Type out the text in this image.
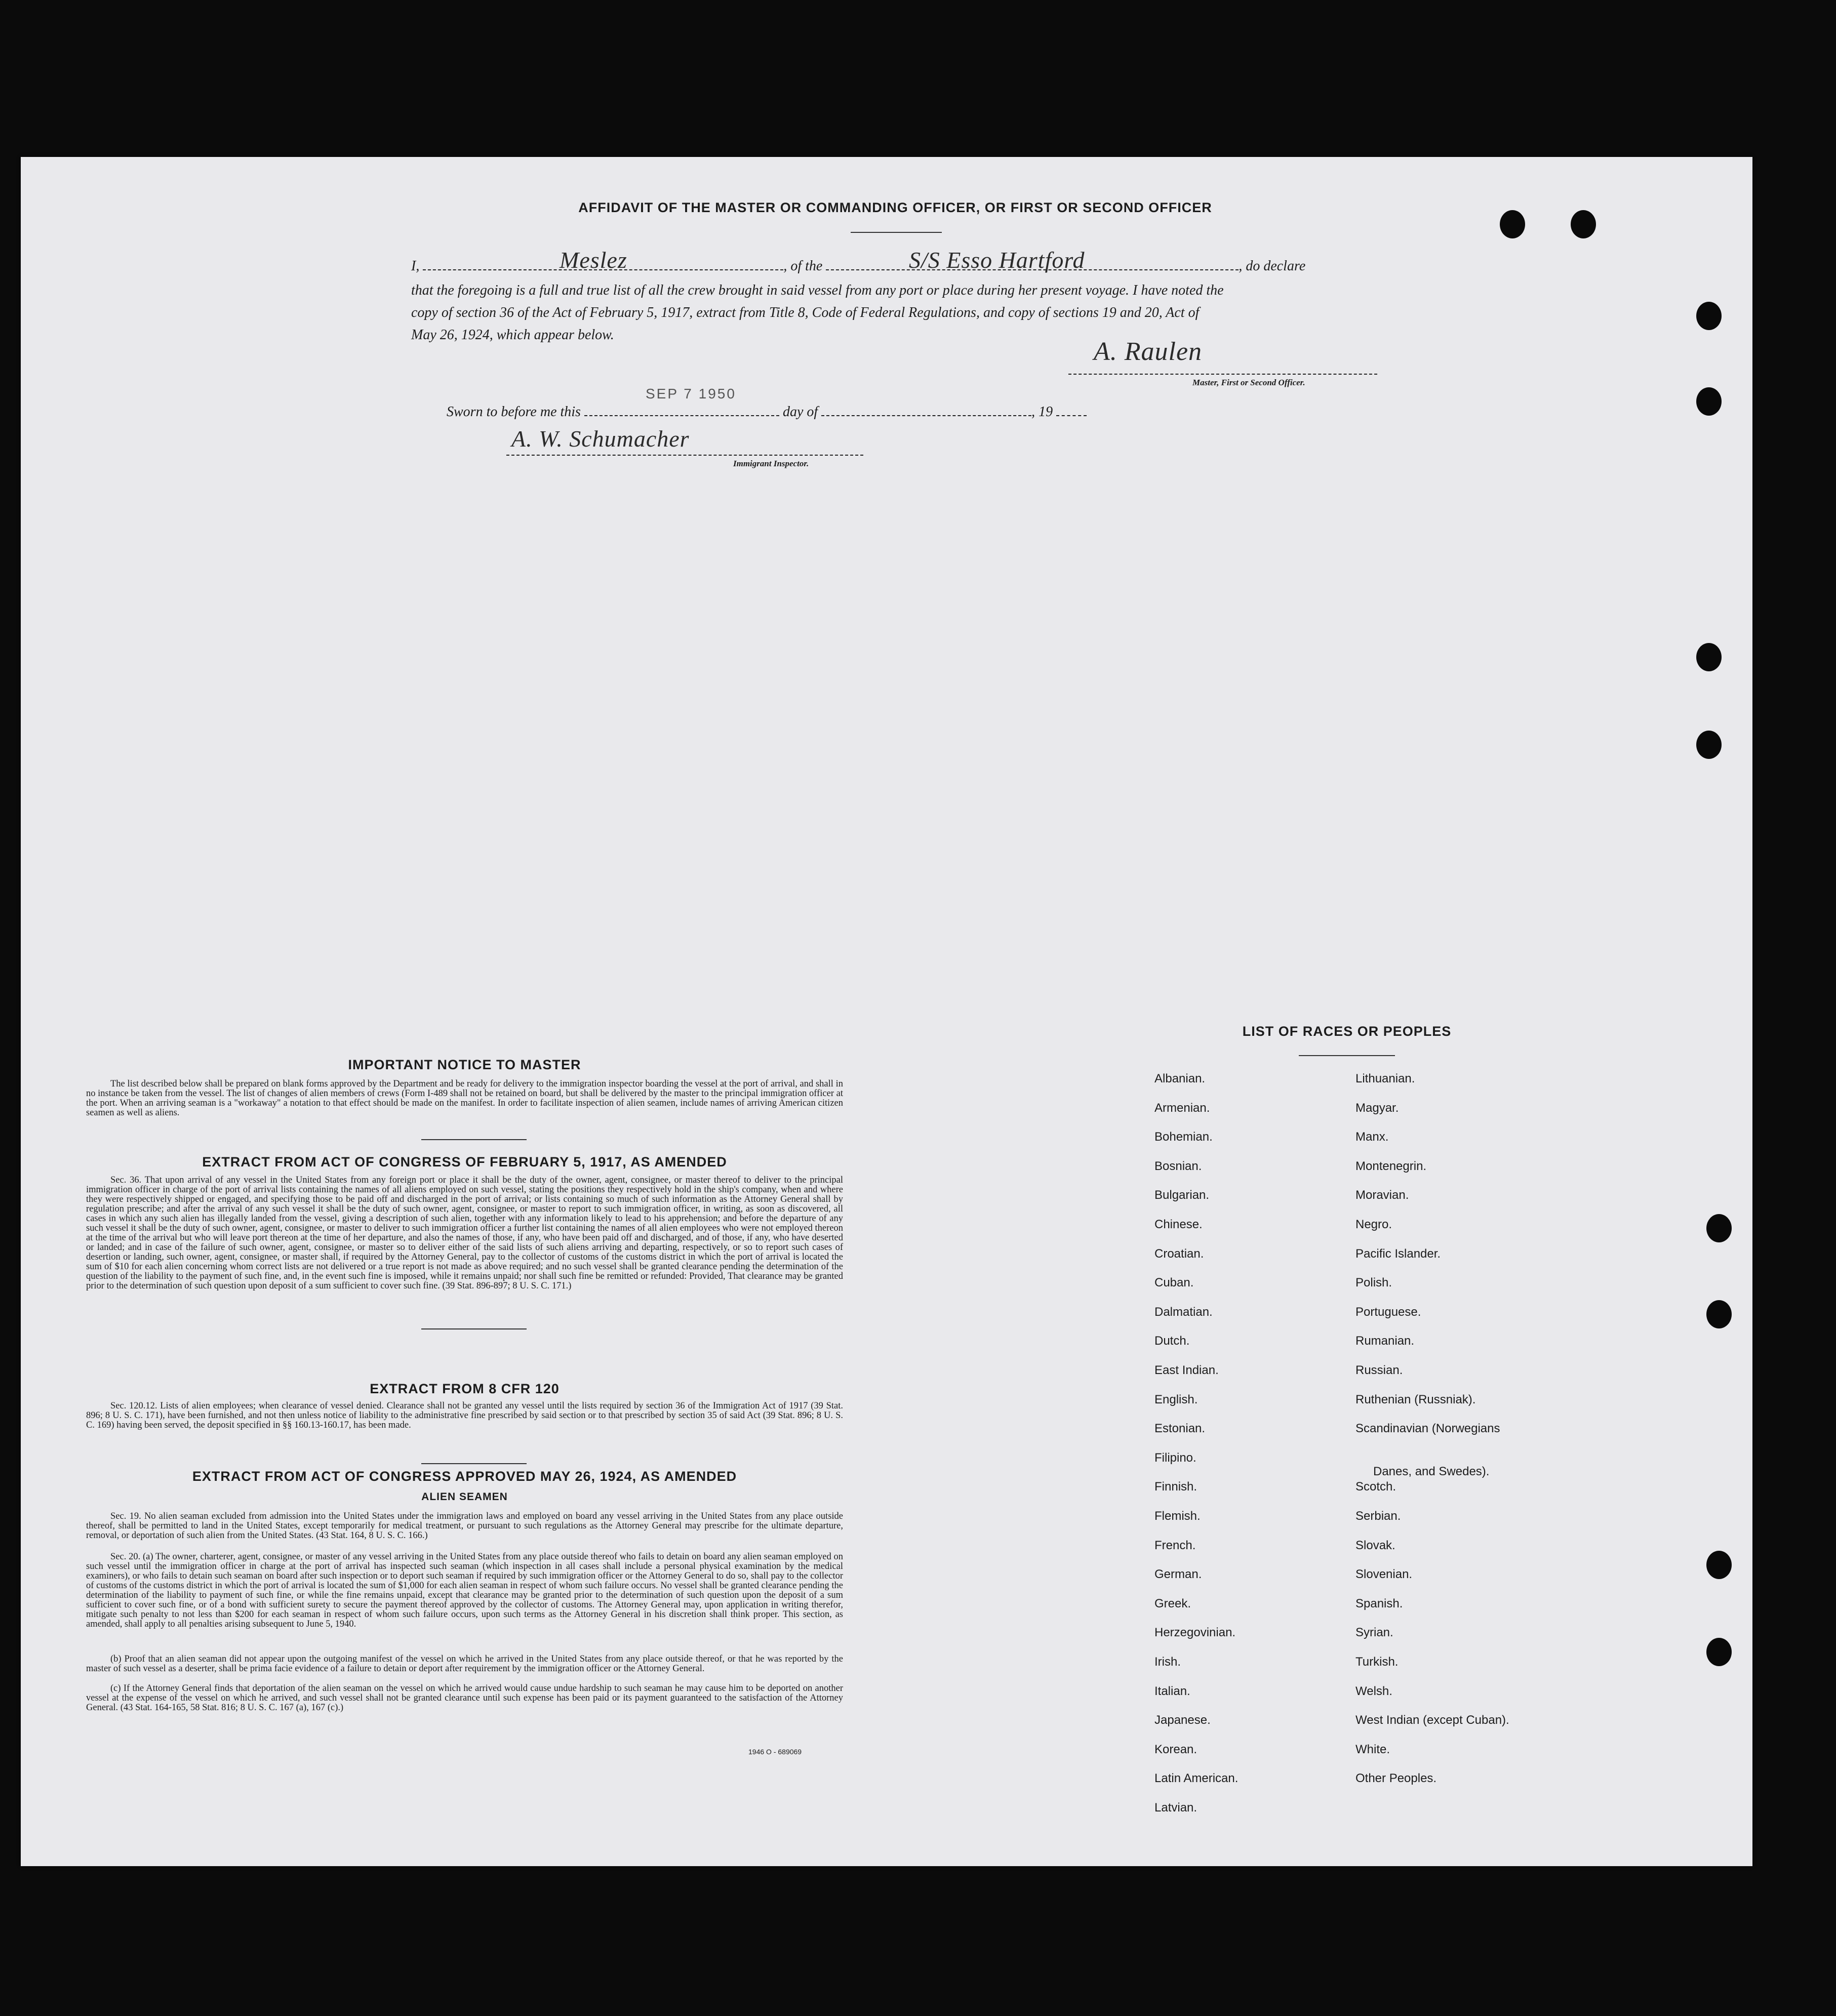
AFFIDAVIT OF THE MASTER OR COMMANDING OFFICER, OR FIRST OR SECOND OFFICER
I,	, of the	, do declare
Meslez	S/S Esso Hartford
that the foregoing is a full and true list of all the crew brought in said vessel from any port or place during her present voyage. I have noted the
copy of section 36 of the Act of February 5, 1917, extract from Title 8, Code of Federal Regulations, and copy of sections 19 and 20, Act of
May 26, 1924, which appear below.
A. Raulen
Master, First or Second Officer.
Sworn to before me this	day of	, 19
SEP 7 1950
A. W. Schumacher
Immigrant Inspector.
IMPORTANT NOTICE TO MASTER
The list described below shall be prepared on blank forms approved by the Department and be ready for delivery to the immigration inspector boarding the vessel at the port of arrival, and shall in no instance be taken from the vessel. The list of changes of alien members of crews (Form I-489 shall not be retained on board, but shall be delivered by the master to the principal immigration officer at the port. When an arriving seaman is a "workaway" a notation to that effect should be made on the manifest. In order to facilitate inspection of alien seamen, include names of arriving American citizen seamen as well as aliens.
EXTRACT FROM ACT OF CONGRESS OF FEBRUARY 5, 1917, AS AMENDED
Sec. 36. That upon arrival of any vessel in the United States from any foreign port or place it shall be the duty of the owner, agent, consignee, or master thereof to deliver to the principal immigration officer in charge of the port of arrival lists containing the names of all aliens employed on such vessel, stating the positions they respectively hold in the ship's company, when and where they were respectively shipped or engaged, and specifying those to be paid off and discharged in the port of arrival; or lists containing so much of such information as the Attorney General shall by regulation prescribe; and after the arrival of any such vessel it shall be the duty of such owner, agent, consignee, or master to report to such immigration officer, in writing, as soon as discovered, all cases in which any such alien has illegally landed from the vessel, giving a description of such alien, together with any information likely to lead to his apprehension; and before the departure of any such vessel it shall be the duty of such owner, agent, consignee, or master to deliver to such immigration officer a further list containing the names of all alien employees who were not employed thereon at the time of the arrival but who will leave port thereon at the time of her departure, and also the names of those, if any, who have been paid off and discharged, and of those, if any, who have deserted or landed; and in case of the failure of such owner, agent, consignee, or master so to deliver either of the said lists of such aliens arriving and departing, respectively, or so to report such cases of desertion or landing, such owner, agent, consignee, or master shall, if required by the Attorney General, pay to the collector of customs of the customs district in which the port of arrival is located the sum of $10 for each alien concerning whom correct lists are not delivered or a true report is not made as above required; and no such vessel shall be granted clearance pending the determination of the question of the liability to the payment of such fine, and, in the event such fine is imposed, while it remains unpaid; nor shall such fine be remitted or refunded: Provided, That clearance may be granted prior to the determination of such question upon deposit of a sum sufficient to cover such fine. (39 Stat. 896-897; 8 U. S. C. 171.)
EXTRACT FROM 8 CFR 120
Sec. 120.12. Lists of alien employees; when clearance of vessel denied. Clearance shall not be granted any vessel until the lists required by section 36 of the Immigration Act of 1917 (39 Stat. 896; 8 U. S. C. 171), have been furnished, and not then unless notice of liability to the administrative fine prescribed by said section or to that prescribed by section 35 of said Act (39 Stat. 896; 8 U. S. C. 169) having been served, the deposit specified in §§ 160.13-160.17, has been made.
EXTRACT FROM ACT OF CONGRESS APPROVED MAY 26, 1924, AS AMENDED
ALIEN SEAMEN
Sec. 19. No alien seaman excluded from admission into the United States under the immigration laws and employed on board any vessel arriving in the United States from any place outside thereof, shall be permitted to land in the United States, except temporarily for medical treatment, or pursuant to such regulations as the Attorney General may prescribe for the ultimate departure, removal, or deportation of such alien from the United States. (43 Stat. 164, 8 U. S. C. 166.)
Sec. 20. (a) The owner, charterer, agent, consignee, or master of any vessel arriving in the United States from any place outside thereof who fails to detain on board any alien seaman employed on such vessel until the immigration officer in charge at the port of arrival has inspected such seaman (which inspection in all cases shall include a personal physical examination by the medical examiners), or who fails to detain such seaman on board after such inspection or to deport such seaman if required by such immigration officer or the Attorney General to do so, shall pay to the collector of customs of the customs district in which the port of arrival is located the sum of $1,000 for each alien seaman in respect of whom such failure occurs. No vessel shall be granted clearance pending the determination of the liability to payment of such fine, or while the fine remains unpaid, except that clearance may be granted prior to the determination of such question upon the deposit of a sum sufficient to cover such fine, or of a bond with sufficient surety to secure the payment thereof approved by the collector of customs. The Attorney General may, upon application in writing therefor, mitigate such penalty to not less than $200 for each seaman in respect of whom such failure occurs, upon such terms as the Attorney General in his discretion shall think proper. This section, as amended, shall apply to all penalties arising subsequent to June 5, 1940.
(b) Proof that an alien seaman did not appear upon the outgoing manifest of the vessel on which he arrived in the United States from any place outside thereof, or that he was reported by the master of such vessel as a deserter, shall be prima facie evidence of a failure to detain or deport after requirement by the immigration officer or the Attorney General.
(c) If the Attorney General finds that deportation of the alien seaman on the vessel on which he arrived would cause undue hardship to such seaman he may cause him to be deported on another vessel at the expense of the vessel on which he arrived, and such vessel shall not be granted clearance until such expense has been paid or its payment guaranteed to the satisfaction of the Attorney General. (43 Stat. 164-165, 58 Stat. 816; 8 U. S. C. 167 (a), 167 (c).)
1946 O - 689069
LIST OF RACES OR PEOPLES
Albanian.
Armenian.
Bohemian.
Bosnian.
Bulgarian.
Chinese.
Croatian.
Cuban.
Dalmatian.
Dutch.
East Indian.
English.
Estonian.
Filipino.
Finnish.
Flemish.
French.
German.
Greek.
Herzegovinian.
Irish.
Italian.
Japanese.
Korean.
Latin American.
Latvian.
Lithuanian.
Magyar.
Manx.
Montenegrin.
Moravian.
Negro.
Pacific Islander.
Polish.
Portuguese.
Rumanian.
Russian.
Ruthenian (Russniak).
Scandinavian (Norwegians
Danes, and Swedes).
Scotch.
Serbian.
Slovak.
Slovenian.
Spanish.
Syrian.
Turkish.
Welsh.
West Indian (except Cuban).
White.
Other Peoples.
